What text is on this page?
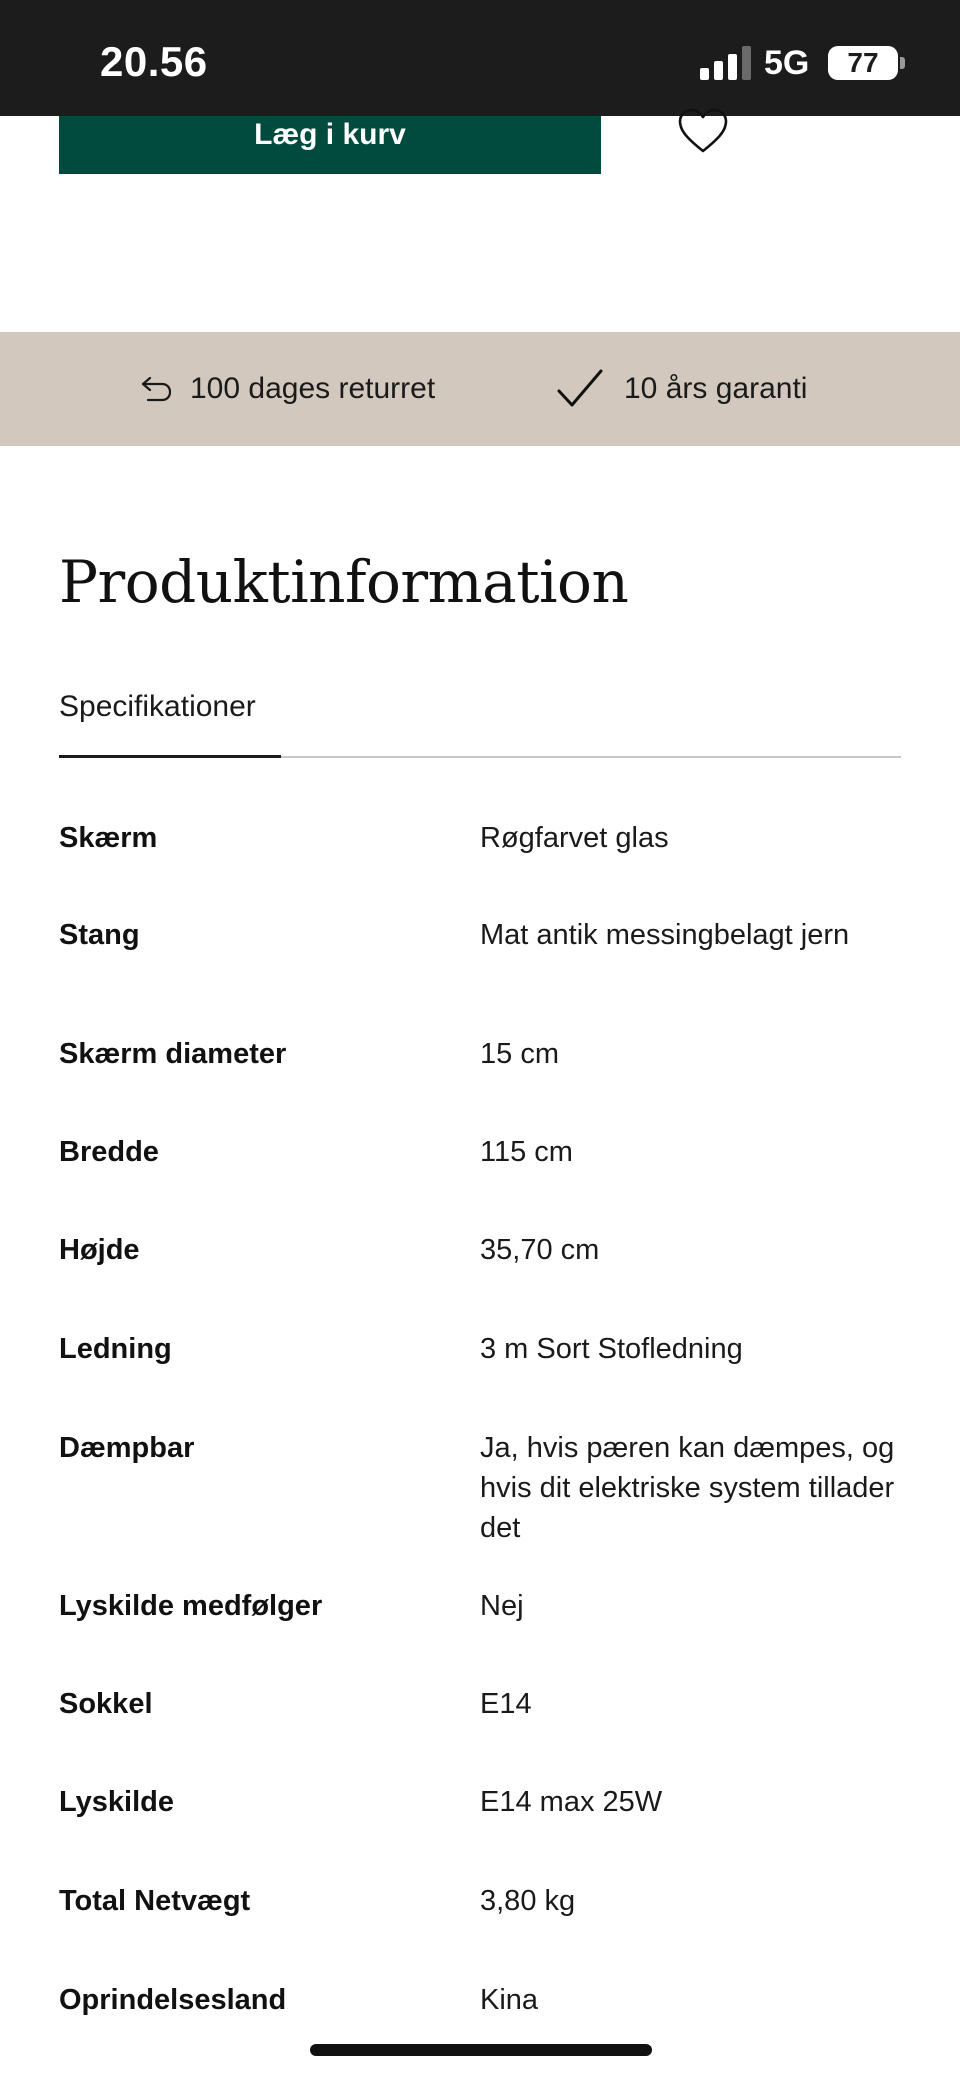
20.56	5G	77
Læg i kurv
100 dages returret	10 års garanti
Produktinformation
Specifikationer
Skærm	Røgfarvet glas
Stang	Mat antik messingbelagt jern
Skærm diameter	15 cm
Bredde	115 cm
Højde	35,70 cm
Ledning	3 m Sort Stofledning
Dæmpbar	Ja, hvis pæren kan dæmpes, og hvis dit elektriske system tillader det
Lyskilde medfølger	Nej
Sokkel	E14
Lyskilde	E14 max 25W
Total Netvægt	3,80 kg
Oprindelsesland	Kina
